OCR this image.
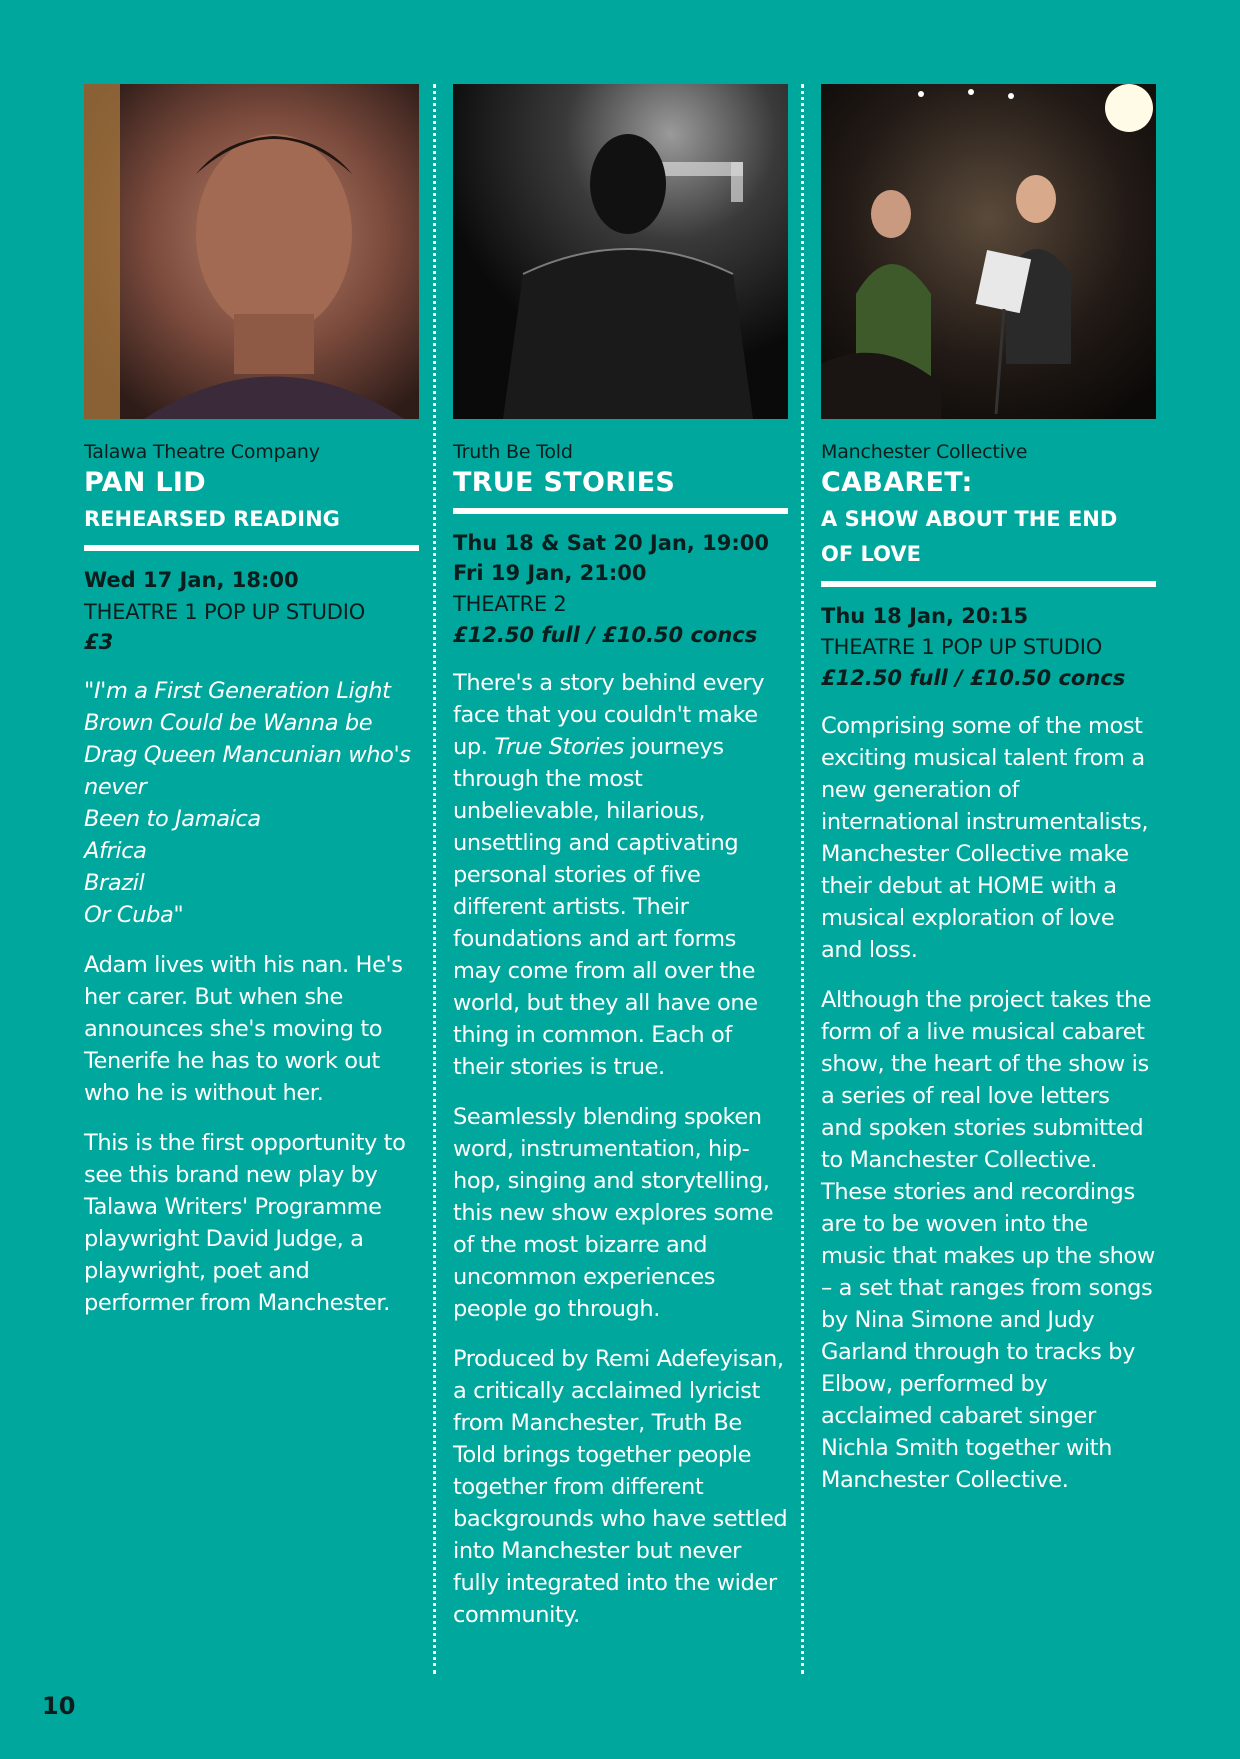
Talawa Theatre Company
PAN LID
REHEARSED READING
Wed 17 Jan, 18:00
THEATRE 1 POP UP STUDIO
£3
"I'm a First Generation Light
Brown Could be Wanna be
Drag Queen Mancunian who's
never
Been to Jamaica
Africa
Brazil
Or Cuba"
Adam lives with his nan. He's her carer. But when she announces she's moving to Tenerife he has to work out who he is without her.
This is the first opportunity to see this brand new play by Talawa Writers' Programme playwright David Judge, a playwright, poet and performer from Manchester.
Truth Be Told
TRUE STORIES
Thu 18 & Sat 20 Jan, 19:00
Fri 19 Jan, 21:00
THEATRE 2
£12.50 full / £10.50 concs
There's a story behind every face that you couldn't make up. True Stories journeys through the most unbelievable, hilarious, unsettling and captivating personal stories of five different artists. Their foundations and art forms may come from all over the world, but they all have one thing in common. Each of their stories is true.
Seamlessly blending spoken word, instrumentation, hip-hop, singing and storytelling, this new show explores some of the most bizarre and uncommon experiences people go through.
Produced by Remi Adefeyisan, a critically acclaimed lyricist from Manchester, Truth Be Told brings together people together from different backgrounds who have settled into Manchester but never fully integrated into the wider community.
Manchester Collective
CABARET:
A SHOW ABOUT THE END OF LOVE
Thu 18 Jan, 20:15
THEATRE 1 POP UP STUDIO
£12.50 full / £10.50 concs
Comprising some of the most exciting musical talent from a new generation of international instrumentalists, Manchester Collective make their debut at HOME with a musical exploration of love and loss.
Although the project takes the form of a live musical cabaret show, the heart of the show is a series of real love letters and spoken stories submitted to Manchester Collective. These stories and recordings are to be woven into the music that makes up the show – a set that ranges from songs by Nina Simone and Judy Garland through to tracks by Elbow, performed by acclaimed cabaret singer Nichla Smith together with Manchester Collective.
10
